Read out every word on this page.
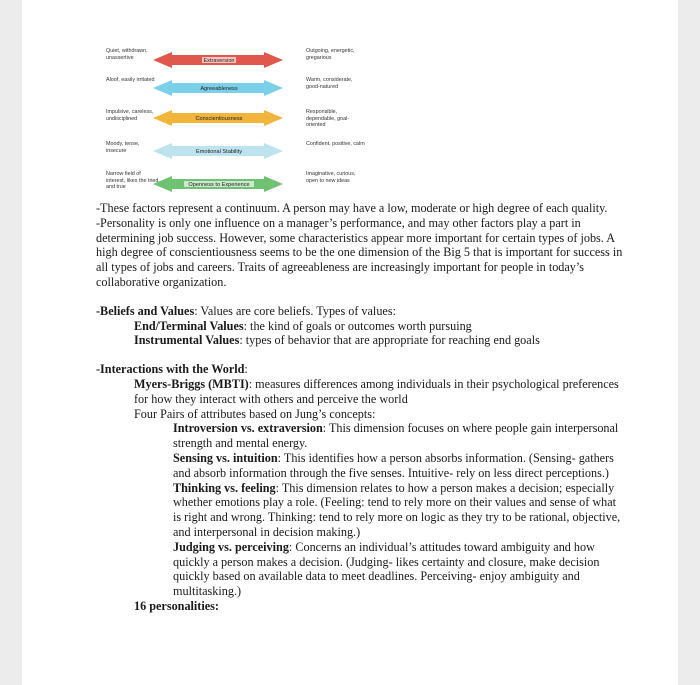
Extraversion
Agreeableness
Conscientiousness
Emotional Stability
Openness to Experience
Quiet, withdrawn, unassertive
Outgoing, energetic, gregarious
Aloof, easily irritated	Warm, considerate, good-natured
Impulsive, careless, undisciplined
Responsible, dependable, goal-oriented
Moody, tense, insecure
Confident, positive, calm
Narrow field of interest, likes the tried and true
Imaginative, curious, open to new ideas

-These factors represent a continuum. A person may have a low, moderate or high degree of each quality.

-Personality is only one influence on a manager’s performance, and may other factors play a part in determining job success. However, some characteristics appear more important for certain types of jobs. A high degree of conscientiousness seems to be the one dimension of the Big 5 that is important for success in all types of jobs and careers. Traits of agreeableness are increasingly important for people in today’s collaborative organization.

-Beliefs and Values: Values are core beliefs. Types of values:

End/Terminal Values: the kind of goals or outcomes worth pursuing

Instrumental Values: types of behavior that are appropriate for reaching end goals

-Interactions with the World:

Myers-Briggs (MBTI): measures differences among individuals in their psychological preferences for how they interact with others and perceive the world

Four Pairs of attributes based on Jung’s concepts:

Introversion vs. extraversion: This dimension focuses on where people gain interpersonal strength and mental energy.

Sensing vs. intuition: This identifies how a person absorbs information. (Sensing- gathers and absorb information through the five senses. Intuitive- rely on less direct perceptions.)

Thinking vs. feeling: This dimension relates to how a person makes a decision; especially whether emotions play a role. (Feeling: tend to rely more on their values and sense of what is right and wrong. Thinking: tend to rely more on logic as they try to be rational, objective, and interpersonal in decision making.)

Judging vs. perceiving: Concerns an individual’s attitudes toward ambiguity and how quickly a person makes a decision. (Judging- likes certainty and closure, make decision quickly based on available data to meet deadlines. Perceiving- enjoy ambiguity and multitasking.)

16 personalities:
